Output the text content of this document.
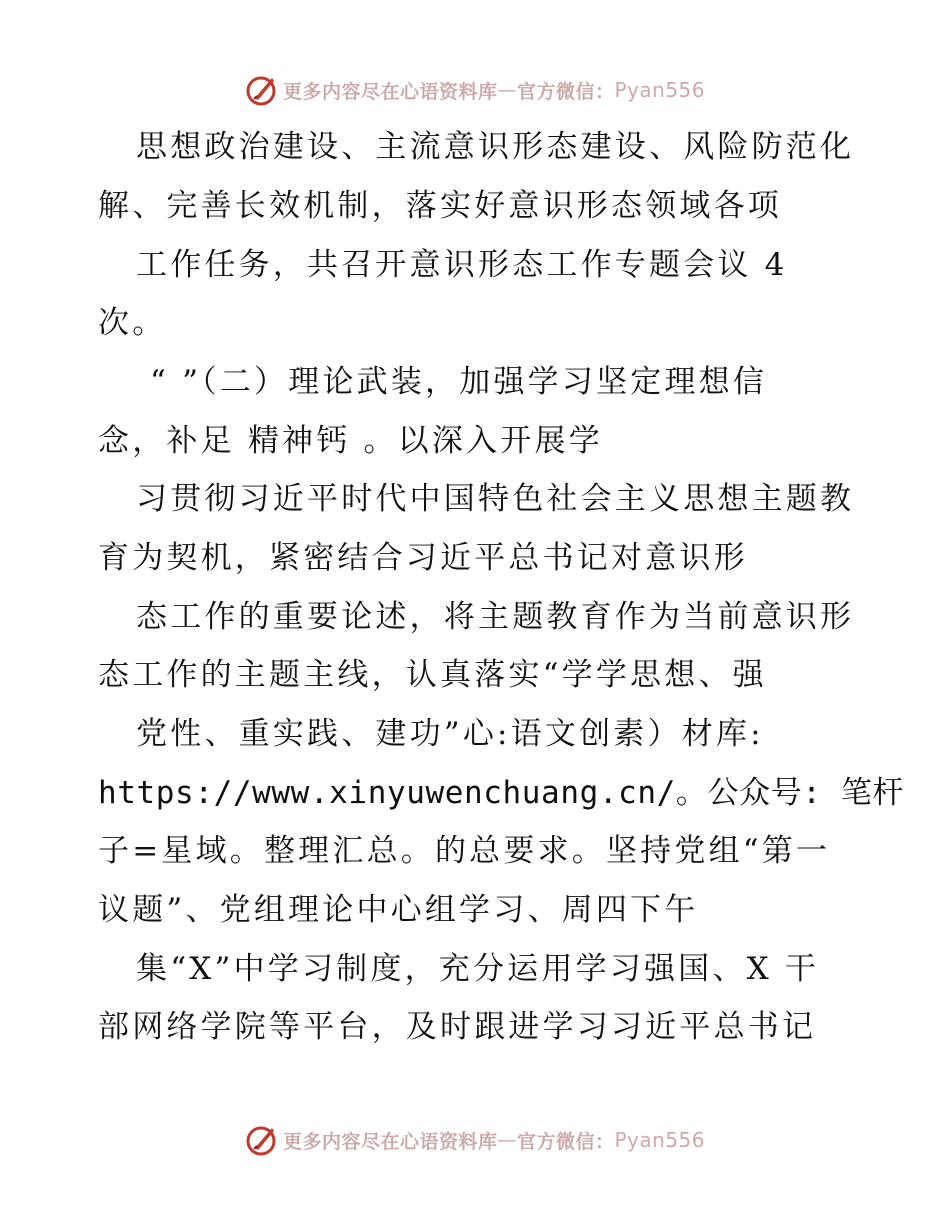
更多内容尽在心语资料库 — 官方微信： Pyan556
思想政治建设、主流意识形态建设、风险防范化
解、完善长效机制，落实好意识形态领域各项
工作任务，共召开意识形态工作专题会议 4
次。
“ ”（二）理论武装，加强学习坚定理想信
念，补足 精神钙 。以深入开展学
习贯彻习近平时代中国特色社会主义思想主题教
育为契机，紧密结合习近平总书记对意识形
态工作的重要论述，将主题教育作为当前意识形
态工作的主题主线，认真落实“学学思想、强
党性、重实践、建功”心:语文创素）材库:
https://www.xinyuwenchuang.cn/。公众号: 笔杆
子=星域。整理汇总。的总要求。坚持党组“第一
议题”、党组理论中心组学习、周四下午
集“X”中学习制度，充分运用学习强国、X 干
部网络学院等平台，及时跟进学习习近平总书记
更多内容尽在心语资料库 — 官方微信： Pyan556
